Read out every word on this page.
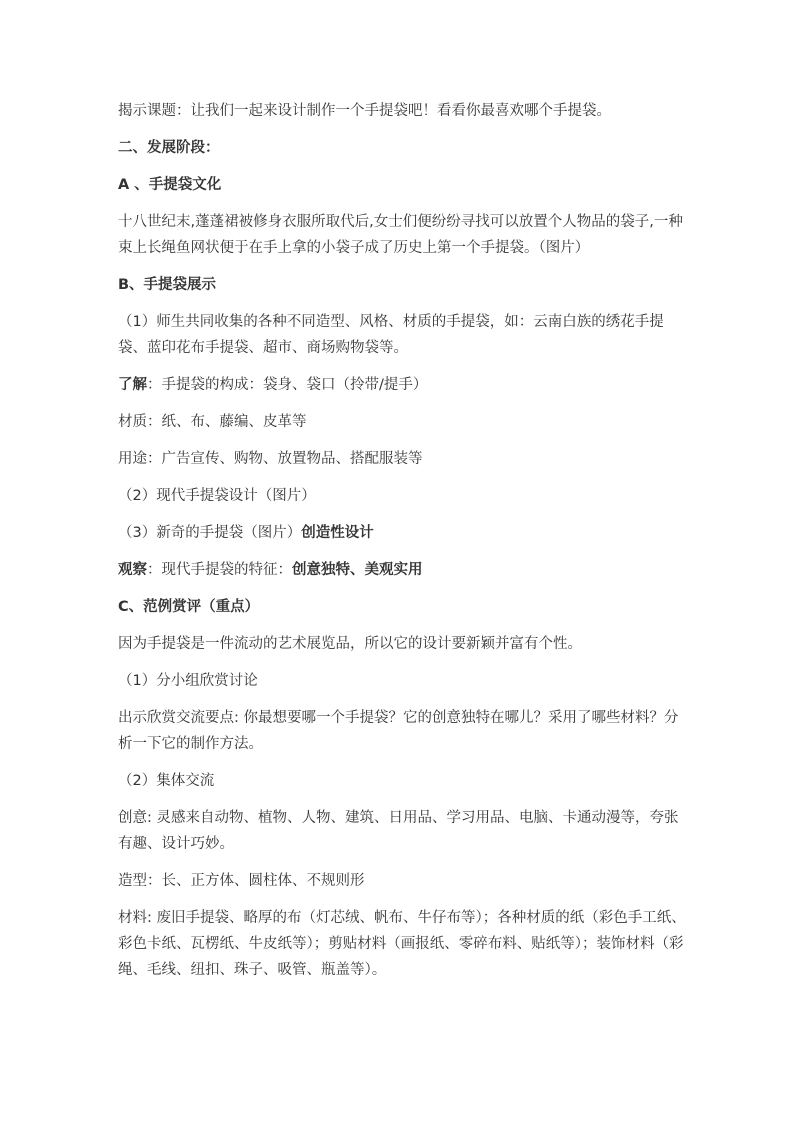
揭示课题：让我们一起来设计制作一个手提袋吧！看看你最喜欢哪个手提袋。

二、发展阶段：

A 、手提袋文化

十八世纪末,蓬蓬裙被修身衣服所取代后,女士们便纷纷寻找可以放置个人物品的袋子,一种束上长绳鱼网状便于在手上拿的小袋子成了历史上第一个手提袋。（图片）

B、手提袋展示

（1）师生共同收集的各种不同造型、风格、材质的手提袋，如：云南白族的绣花手提袋、蓝印花布手提袋、超市、商场购物袋等。

了解：手提袋的构成：袋身、袋口（拎带/提手）

材质：纸、布、藤编、皮革等

用途：广告宣传、购物、放置物品、搭配服装等

（2）现代手提袋设计（图片）

（3）新奇的手提袋（图片）创造性设计

观察：现代手提袋的特征：创意独特、美观实用

C、范例赏评（重点）

因为手提袋是一件流动的艺术展览品，所以它的设计要新颖并富有个性。

（1）分小组欣赏讨论

出示欣赏交流要点: 你最想要哪一个手提袋？它的创意独特在哪儿？采用了哪些材料？分析一下它的制作方法。

（2）集体交流

创意: 灵感来自动物、植物、人物、建筑、日用品、学习用品、电脑、卡通动漫等，夸张有趣、设计巧妙。

造型：长、正方体、圆柱体、不规则形

材料: 废旧手提袋、略厚的布（灯芯绒、帆布、牛仔布等）；各种材质的纸（彩色手工纸、彩色卡纸、瓦楞纸、牛皮纸等）；剪贴材料（画报纸、零碎布料、贴纸等）；装饰材料（彩绳、毛线、纽扣、珠子、吸管、瓶盖等）。
